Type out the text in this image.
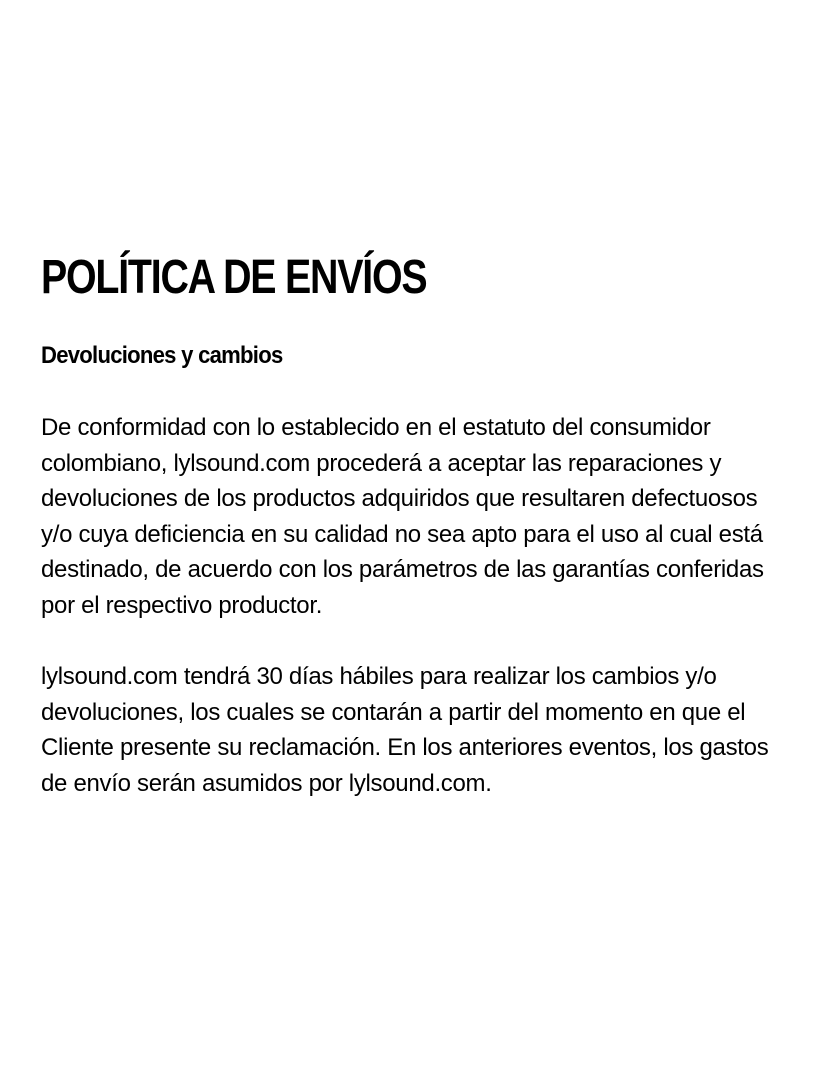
POLÍTICA DE ENVÍOS
Devoluciones y cambios

De conformidad con lo establecido en el estatuto del consumidor colombiano, lylsound.com procederá a aceptar las reparaciones y devoluciones de los productos adquiridos que resultaren defectuosos y/o cuya deficiencia en su calidad no sea apto para el uso al cual está destinado, de acuerdo con los parámetros de las garantías conferidas por el respectivo productor.

lylsound.com tendrá 30 días hábiles para realizar los cambios y/o devoluciones, los cuales se contarán a partir del momento en que el Cliente presente su reclamación. En los anteriores eventos, los gastos de envío serán asumidos por lylsound.com.
